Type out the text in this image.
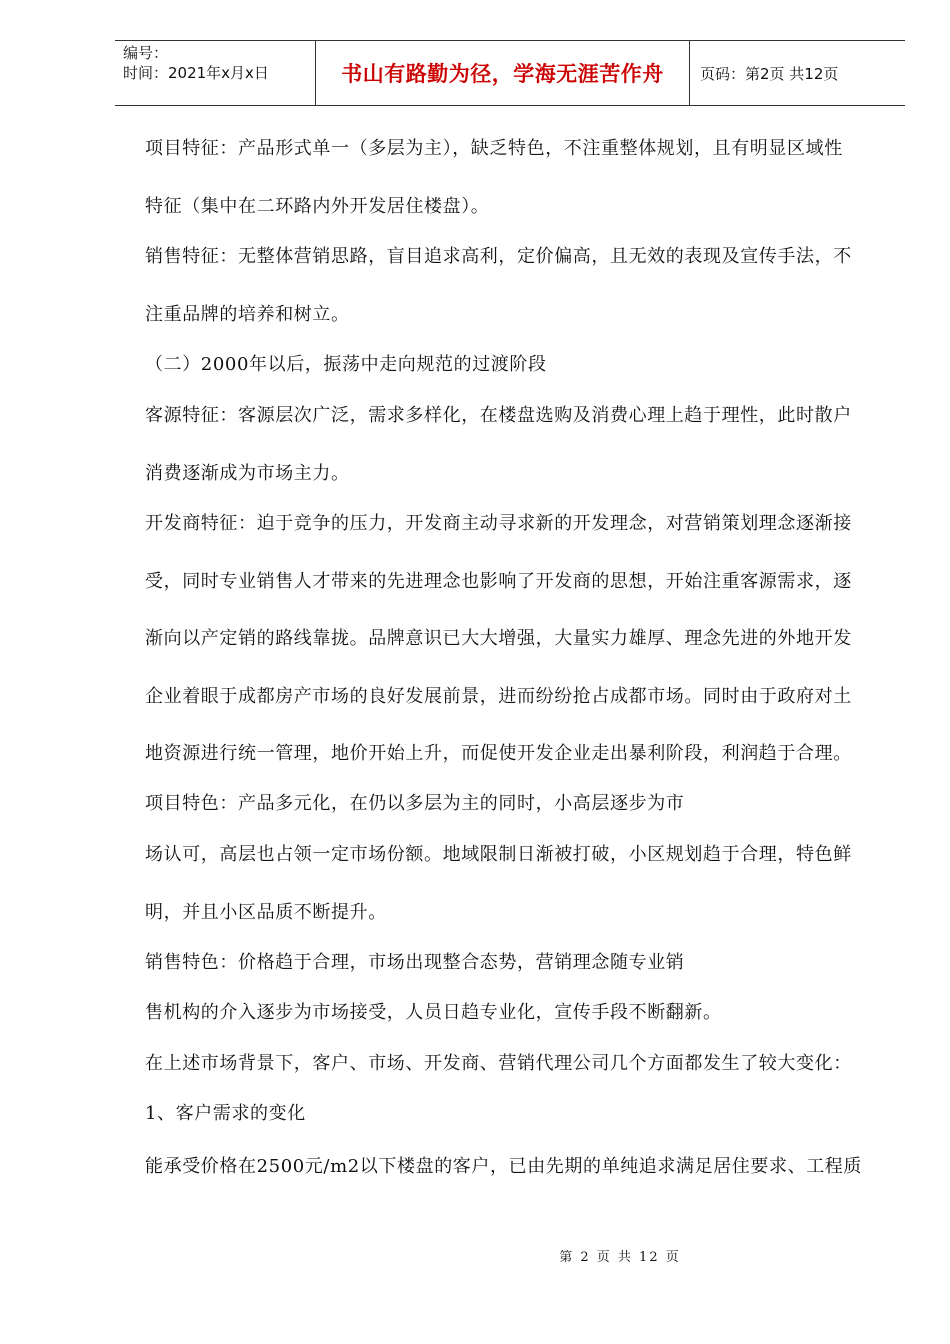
编号：
时间：2021年x月x日	书山有路勤为径，学海无涯苦作舟	页码：第2页 共12页
项目特征：产品形式单一（多层为主），缺乏特色，不注重整体规划，且有明显区域性
特征（集中在二环路内外开发居住楼盘）。
销售特征：无整体营销思路，盲目追求高利，定价偏高，且无效的表现及宣传手法，不
注重品牌的培养和树立。
（二）2000年以后，振荡中走向规范的过渡阶段
客源特征：客源层次广泛，需求多样化，在楼盘选购及消费心理上趋于理性，此时散户
消费逐渐成为市场主力。
开发商特征：迫于竞争的压力，开发商主动寻求新的开发理念，对营销策划理念逐渐接
受，同时专业销售人才带来的先进理念也影响了开发商的思想，开始注重客源需求，逐
渐向以产定销的路线靠拢。品牌意识已大大增强，大量实力雄厚、理念先进的外地开发
企业着眼于成都房产市场的良好发展前景，进而纷纷抢占成都市场。同时由于政府对土
地资源进行统一管理，地价开始上升，而促使开发企业走出暴利阶段，利润趋于合理。
项目特色：产品多元化，在仍以多层为主的同时，小高层逐步为市
场认可，高层也占领一定市场份额。地域限制日渐被打破，小区规划趋于合理，特色鲜
明，并且小区品质不断提升。
销售特色：价格趋于合理，市场出现整合态势，营销理念随专业销
售机构的介入逐步为市场接受，人员日趋专业化，宣传手段不断翻新。
在上述市场背景下，客户、市场、开发商、营销代理公司几个方面都发生了较大变化：
1、客户需求的变化
能承受价格在2500元/m2以下楼盘的客户，已由先期的单纯追求满足居住要求、工程质
第 2 页 共 12 页
